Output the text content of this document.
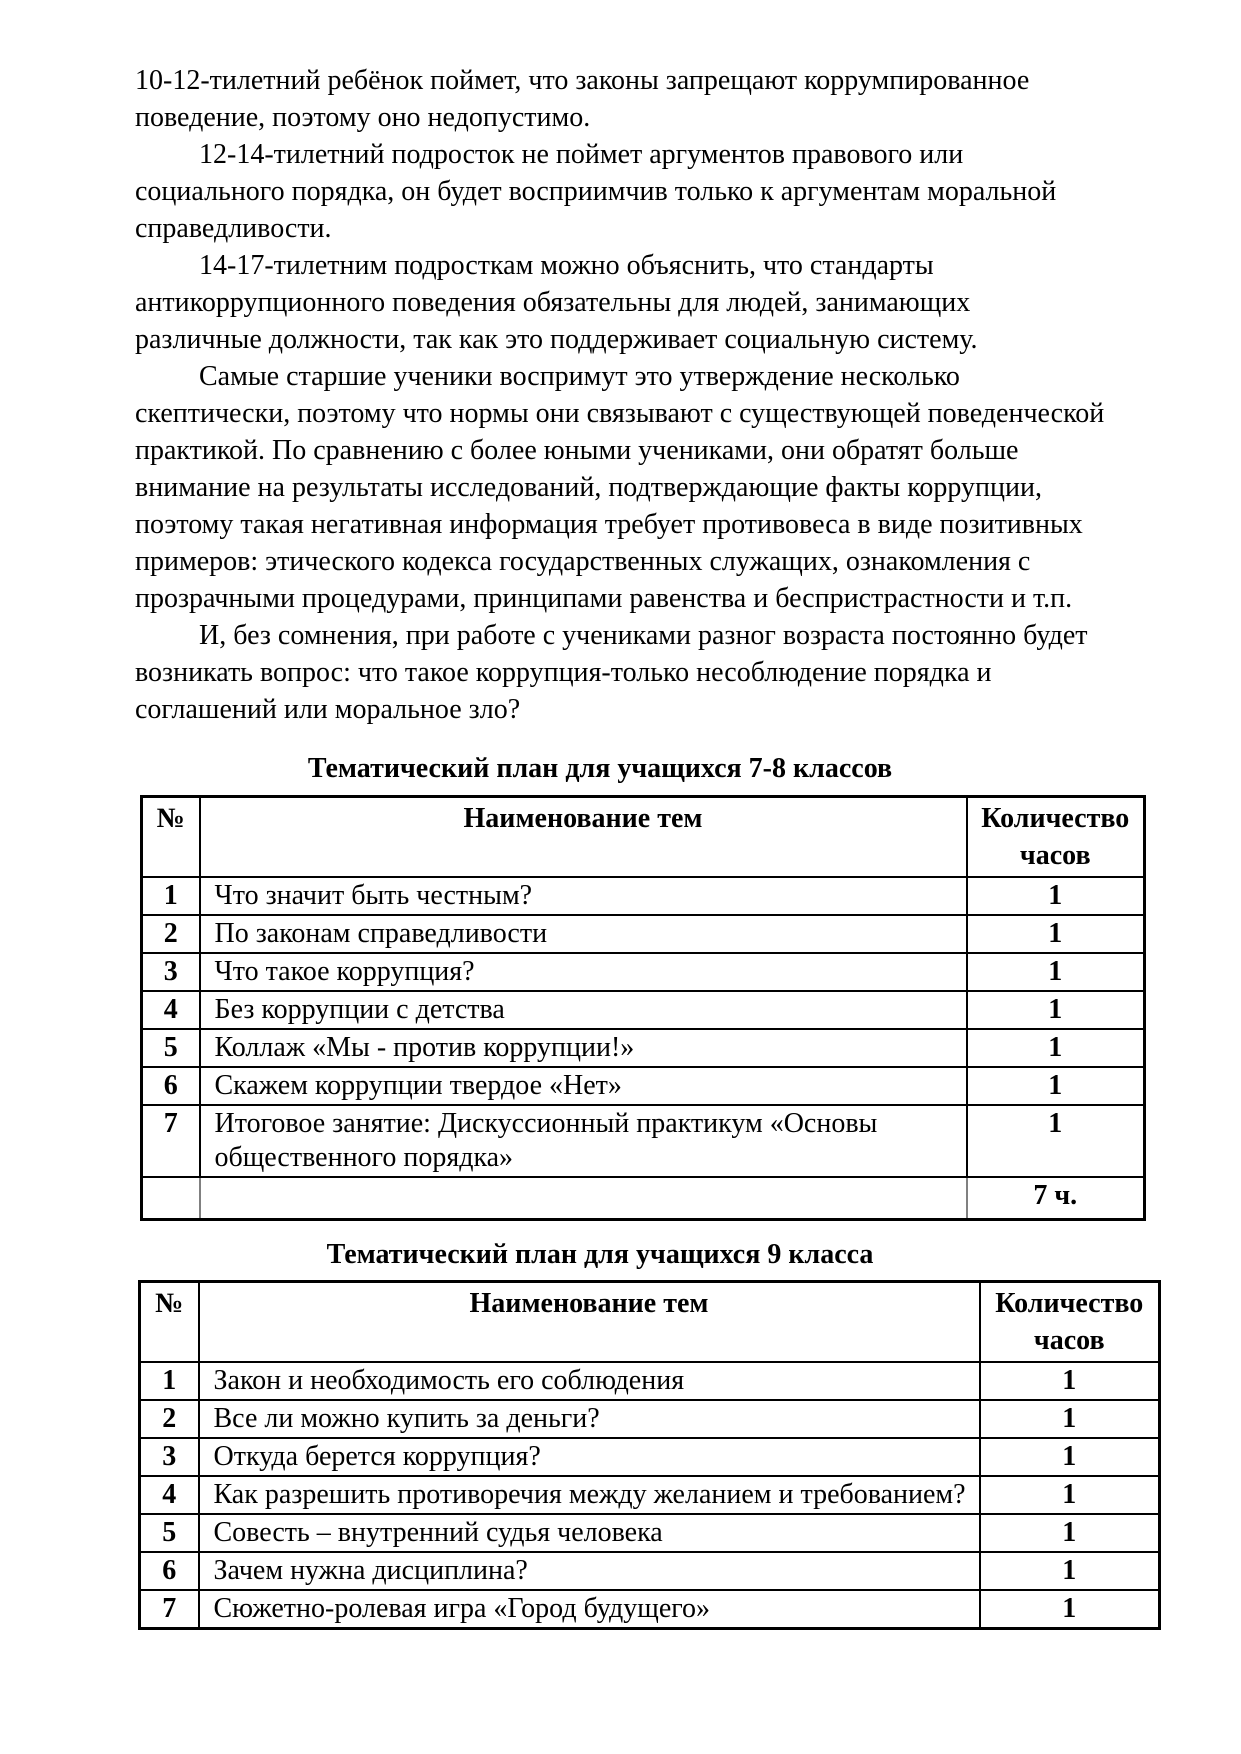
10-12-тилетний ребёнок поймет, что законы запрещают коррумпированное
поведение, поэтому оно недопустимо.

12-14-тилетний подросток не поймет аргументов правового или
социального порядка, он будет восприимчив только к аргументам моральной
справедливости.

14-17-тилетним подросткам можно объяснить, что стандарты
антикоррупционного поведения обязательны для людей, занимающих
различные должности, так как это поддерживает социальную систему.

Самые старшие ученики воспримут это утверждение несколько
скептически, поэтому что нормы они связывают с существующей поведенческой
практикой. По сравнению с более юными учениками, они обратят больше
внимание на результаты исследований, подтверждающие факты коррупции,
поэтому такая негативная информация требует противовеса в виде позитивных
примеров: этического кодекса государственных служащих, ознакомления с
прозрачными процедурами, принципами равенства и беспристрастности и т.п.

И, без сомнения, при работе с учениками разног возраста постоянно будет
возникать вопрос: что такое коррупция-только несоблюдение порядка и
соглашений или моральное зло?

Тематический план для учащихся 7-8 классов
№	Наименование тем	Количество часов
1	Что значит быть честным?	1
2	По законам справедливости	1
3	Что такое коррупция?	1
4	Без коррупции с детства	1
5	Коллаж «Мы - против коррупции!»	1
6	Скажем коррупции твердое «Нет»	1
7	Итоговое занятие: Дискуссионный практикум «Основы общественного порядка»	1
		7 ч.
Тематический план для учащихся 9 класса
№	Наименование тем	Количество часов
1	Закон и необходимость его соблюдения	1
2	Все ли можно купить за деньги?	1
3	Откуда берется коррупция?	1
4	Как разрешить противоречия между желанием и требованием?	1
5	Совесть – внутренний судья человека	1
6	Зачем нужна дисциплина?	1
7	Сюжетно-ролевая игра «Город будущего»	1
